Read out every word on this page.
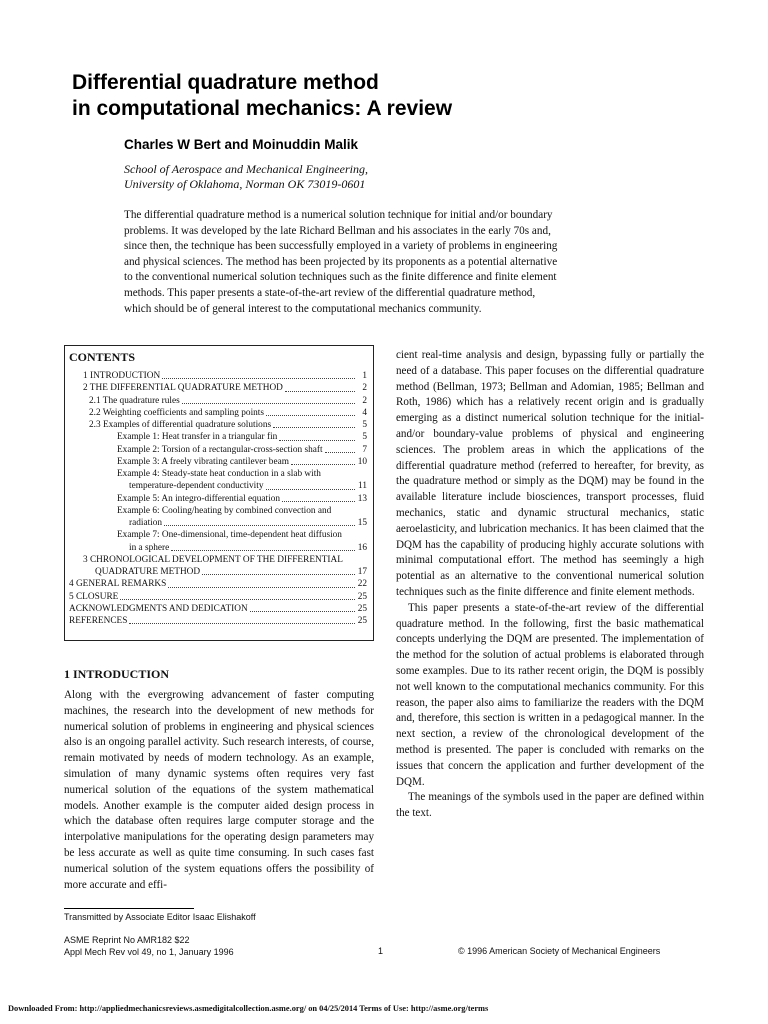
Differential quadrature method
in computational mechanics: A review
Charles W Bert and Moinuddin Malik
School of Aerospace and Mechanical Engineering,
University of Oklahoma, Norman OK 73019-0601
The differential quadrature method is a numerical solution technique for initial and/or boundary
problems. It was developed by the late Richard Bellman and his associates in the early 70s and,
since then, the technique has been successfully employed in a variety of problems in engineering
and physical sciences. The method has been projected by its proponents as a potential alternative
to the conventional numerical solution techniques such as the finite difference and finite element
methods. This paper presents a state-of-the-art review of the differential quadrature method,
which should be of general interest to the computational mechanics community.
CONTENTS
1 INTRODUCTION	1
2 THE DIFFERENTIAL QUADRATURE METHOD	2
2.1 The quadrature rules	2
2.2 Weighting coefficients and sampling points	4
2.3 Examples of differential quadrature solutions	5
Example 1: Heat transfer in a triangular fin	5
Example 2: Torsion of a rectangular-cross-section shaft	7
Example 3: A freely vibrating cantilever beam	10
Example 4: Steady-state heat conduction in a slab with
temperature-dependent conductivity	11
Example 5: An integro-differential equation	13
Example 6: Cooling/heating by combined convection and
radiation	15
Example 7: One-dimensional, time-dependent heat diffusion
in a sphere	16
3 CHRONOLOGICAL DEVELOPMENT OF THE DIFFERENTIAL
QUADRATURE METHOD	17
4 GENERAL REMARKS	22
5 CLOSURE	25
ACKNOWLEDGMENTS AND DEDICATION	25
REFERENCES	25
1 INTRODUCTION

Along with the evergrowing advancement of faster computing machines, the research into the development of new methods for numerical solution of problems in engineering and physical sciences also is an ongoing parallel activity. Such research interests, of course, remain motivated by needs of modern technology. As an example, simulation of many dynamic systems often requires very fast numerical solution of the equations of the system mathematical models. Another example is the computer aided design process in which the database often requires large computer storage and the interpolative manipulations for the operating design parameters may be less accurate as well as quite time consuming. In such cases fast numerical solution of the system equations offers the possibility of more accurate and effi-

cient real-time analysis and design, bypassing fully or partially the need of a database. This paper focuses on the differential quadrature method (Bellman, 1973; Bellman and Adomian, 1985; Bellman and Roth, 1986) which has a relatively recent origin and is gradually emerging as a distinct numerical solution technique for the initial- and/or boundary-value problems of physical and engineering sciences. The problem areas in which the applications of the differential quadrature method (referred to hereafter, for brevity, as the quadrature method or simply as the DQM) may be found in the available literature include biosciences, transport processes, fluid mechanics, static and dynamic structural mechanics, static aeroelasticity, and lubrication mechanics. It has been claimed that the DQM has the capability of producing highly accurate solutions with minimal computational effort. The method has seemingly a high potential as an alternative to the conventional numerical solution techniques such as the finite difference and finite element methods.

This paper presents a state-of-the-art review of the differential quadrature method. In the following, first the basic mathematical concepts underlying the DQM are presented. The implementation of the method for the solution of actual problems is elaborated through some examples. Due to its rather recent origin, the DQM is possibly not well known to the computational mechanics community. For this reason, the paper also aims to familiarize the readers with the DQM and, therefore, this section is written in a pedagogical manner. In the next section, a review of the chronological development of the method is presented. The paper is concluded with remarks on the issues that concern the application and further development of the DQM.

The meanings of the symbols used in the paper are defined within the text.

Transmitted by Associate Editor Isaac Elishakoff
ASME Reprint No AMR182 $22
Appl Mech Rev vol 49, no 1, January 1996	1	© 1996 American Society of Mechanical Engineers
Downloaded From: http://appliedmechanicsreviews.asmedigitalcollection.asme.org/ on 04/25/2014 Terms of Use: http://asme.org/terms
